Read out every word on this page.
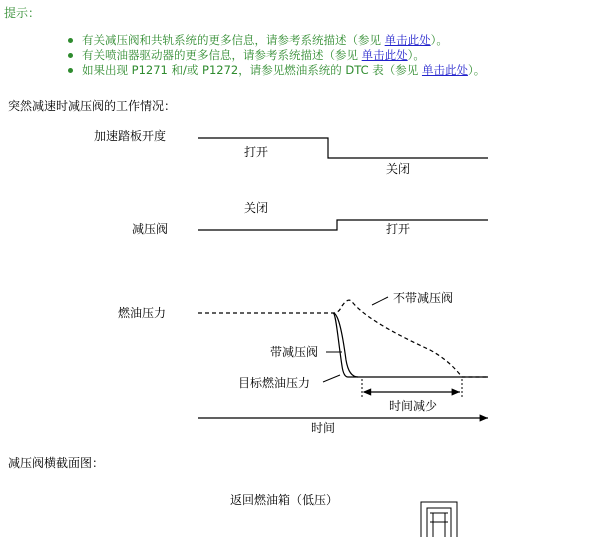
提示：
有关减压阀和共轨系统的更多信息，请参考系统描述（参见 单击此处）。
有关喷油器驱动器的更多信息，请参考系统描述（参见 单击此处）。
如果出现 P1271 和/或 P1272，请参见燃油系统的 DTC 表（参见 单击此处）。
突然减速时减压阀的工作情况：
加速踏板开度
打开
关闭
关闭
减压阀	打开
燃油压力
不带减压阀
带减压阀
目标燃油压力
时间减少
时间
返回燃油箱（低压）
减压阀横截面图：
